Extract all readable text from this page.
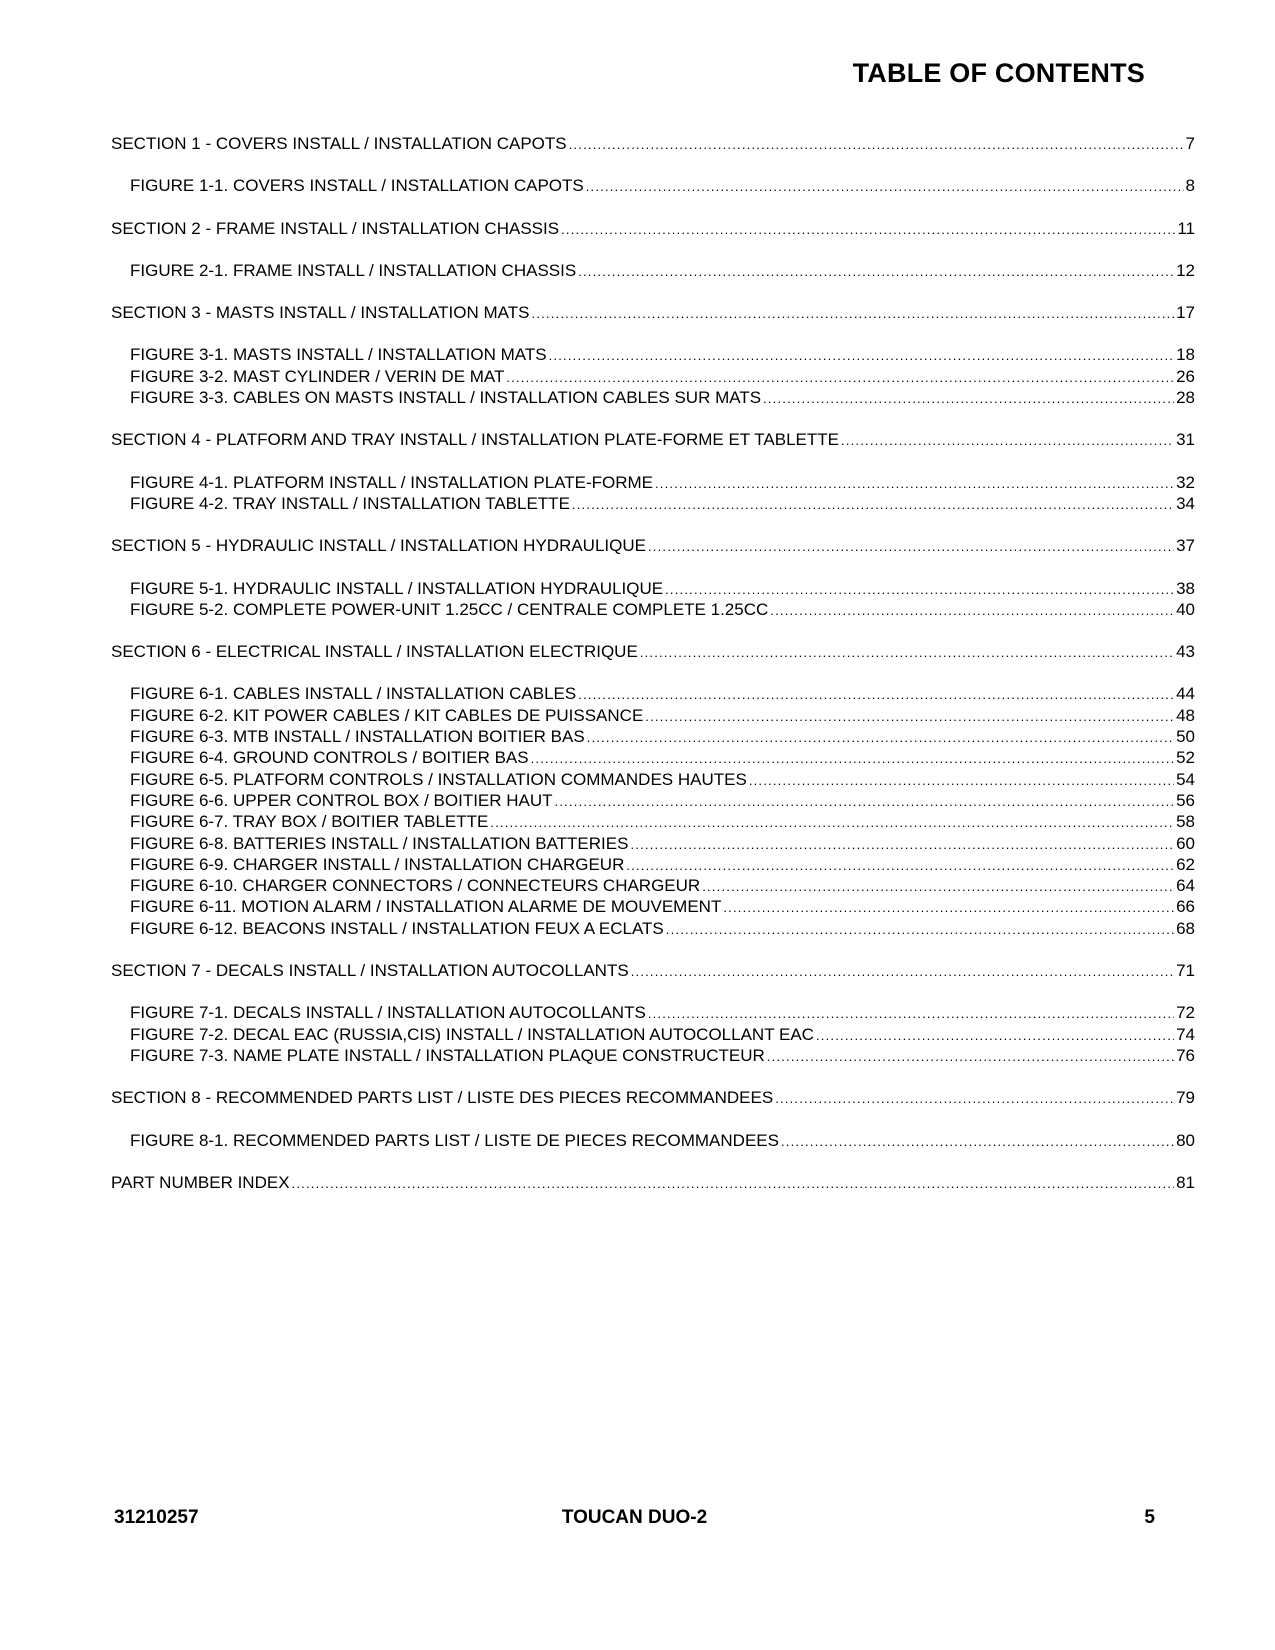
TABLE OF CONTENTS
SECTION 1 - COVERS INSTALL / INSTALLATION CAPOTS .....	7
FIGURE 1-1. COVERS INSTALL / INSTALLATION CAPOTS .....	8
SECTION 2 - FRAME INSTALL / INSTALLATION CHASSIS .....	11
FIGURE 2-1. FRAME INSTALL / INSTALLATION CHASSIS .....	12
SECTION 3 - MASTS INSTALL / INSTALLATION MATS .....	17
FIGURE 3-1. MASTS INSTALL / INSTALLATION MATS .....	18
FIGURE 3-2. MAST CYLINDER / VERIN DE MAT .....	26
FIGURE 3-3. CABLES ON MASTS INSTALL / INSTALLATION CABLES SUR MATS .....	28
SECTION 4 - PLATFORM AND TRAY INSTALL / INSTALLATION PLATE-FORME ET TABLETTE .....	31
FIGURE 4-1. PLATFORM INSTALL / INSTALLATION PLATE-FORME .....	32
FIGURE 4-2. TRAY INSTALL / INSTALLATION TABLETTE .....	34
SECTION 5 - HYDRAULIC INSTALL / INSTALLATION HYDRAULIQUE .....	37
FIGURE 5-1. HYDRAULIC INSTALL / INSTALLATION HYDRAULIQUE .....	38
FIGURE 5-2. COMPLETE POWER-UNIT 1.25CC / CENTRALE COMPLETE 1.25CC .....	40
SECTION 6 - ELECTRICAL INSTALL / INSTALLATION ELECTRIQUE .....	43
FIGURE 6-1. CABLES INSTALL / INSTALLATION CABLES .....	44
FIGURE 6-2. KIT POWER CABLES / KIT CABLES DE PUISSANCE .....	48
FIGURE 6-3. MTB INSTALL / INSTALLATION BOITIER BAS .....	50
FIGURE 6-4. GROUND CONTROLS / BOITIER BAS .....	52
FIGURE 6-5. PLATFORM CONTROLS / INSTALLATION COMMANDES HAUTES .....	54
FIGURE 6-6. UPPER CONTROL BOX / BOITIER HAUT .....	56
FIGURE 6-7. TRAY BOX / BOITIER TABLETTE .....	58
FIGURE 6-8. BATTERIES INSTALL / INSTALLATION BATTERIES .....	60
FIGURE 6-9. CHARGER INSTALL / INSTALLATION CHARGEUR .....	62
FIGURE 6-10. CHARGER CONNECTORS / CONNECTEURS CHARGEUR .....	64
FIGURE 6-11. MOTION ALARM / INSTALLATION ALARME DE MOUVEMENT .....	66
FIGURE 6-12. BEACONS INSTALL / INSTALLATION FEUX A ECLATS .....	68
SECTION 7 - DECALS INSTALL / INSTALLATION AUTOCOLLANTS .....	71
FIGURE 7-1. DECALS INSTALL / INSTALLATION AUTOCOLLANTS .....	72
FIGURE 7-2. DECAL EAC (RUSSIA,CIS) INSTALL / INSTALLATION AUTOCOLLANT EAC .....	74
FIGURE 7-3. NAME PLATE INSTALL / INSTALLATION PLAQUE CONSTRUCTEUR .....	76
SECTION 8 - RECOMMENDED PARTS LIST / LISTE DES PIECES RECOMMANDEES .....	79
FIGURE 8-1. RECOMMENDED PARTS LIST / LISTE DE PIECES RECOMMANDEES .....	80
PART NUMBER INDEX .....	81
31210257	TOUCAN DUO-2	5
